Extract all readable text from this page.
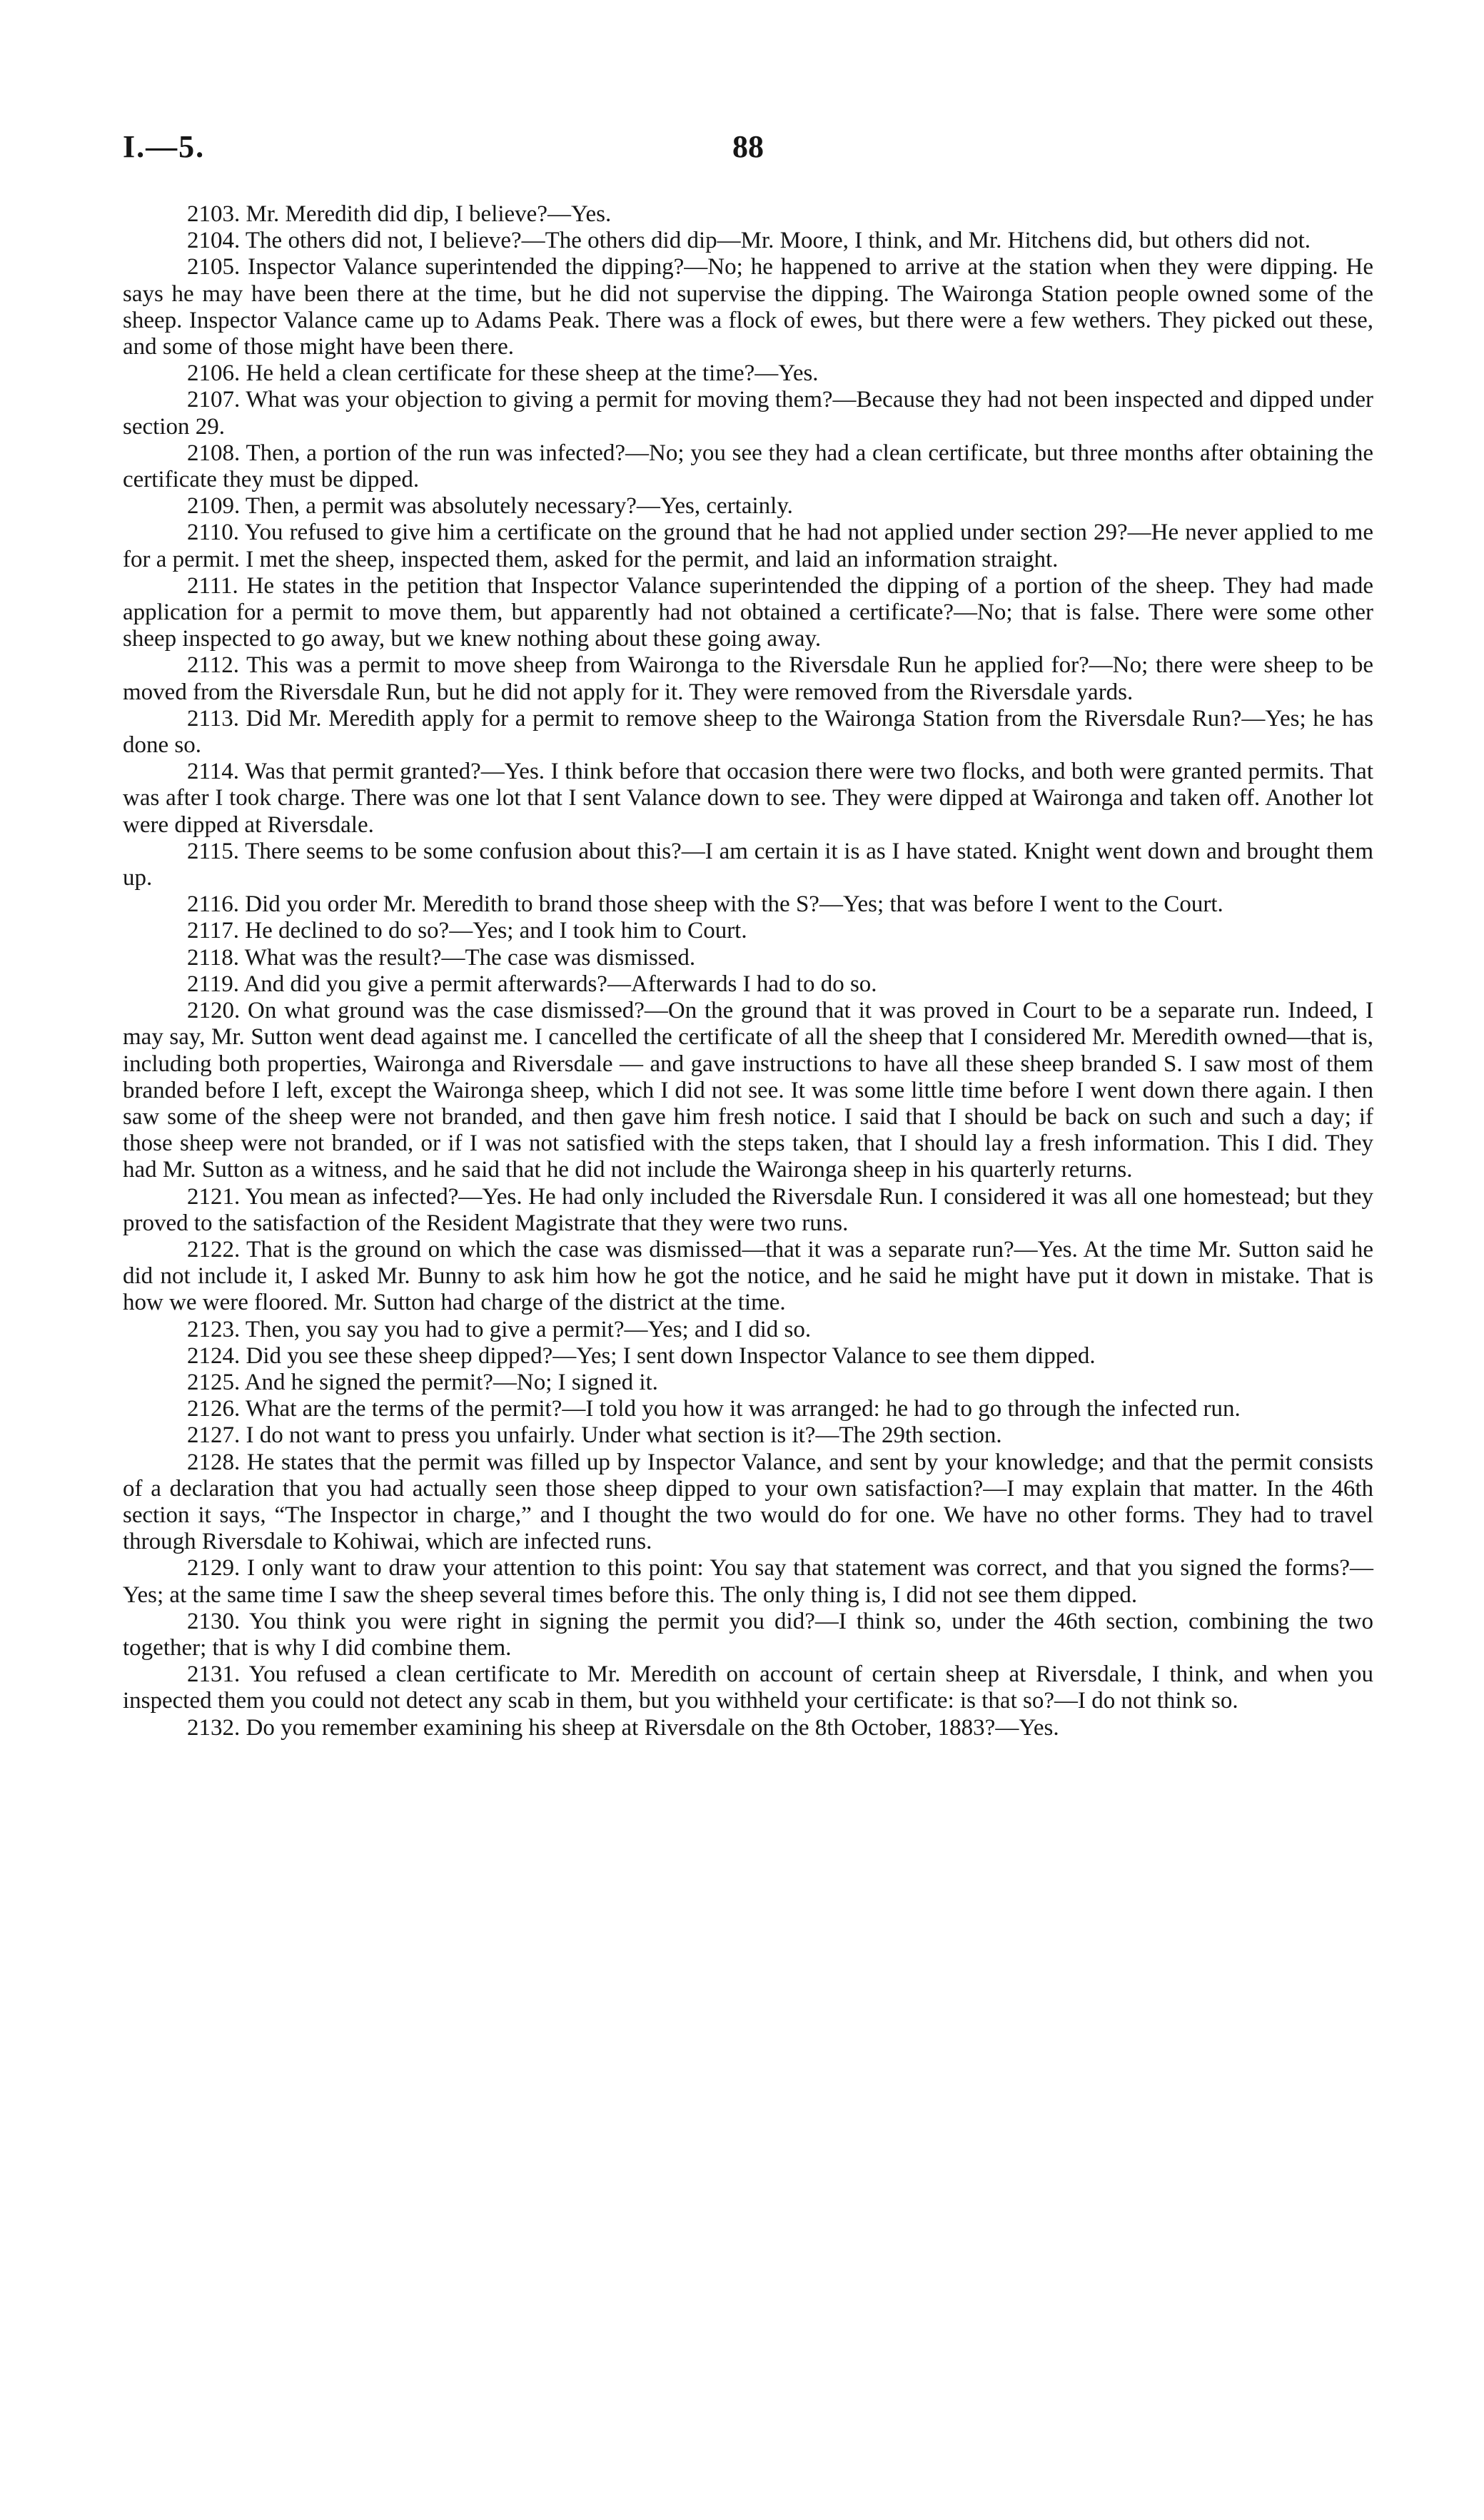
I.—5.	88

2103. Mr. Meredith did dip, I believe?—Yes.

2104. The others did not, I believe?—The others did dip—Mr. Moore, I think, and Mr. Hitchens did, but others did not.

2105. Inspector Valance superintended the dipping?—No; he happened to arrive at the station when they were dipping. He says he may have been there at the time, but he did not supervise the dipping. The Waironga Station people owned some of the sheep. Inspector Valance came up to Adams Peak. There was a flock of ewes, but there were a few wethers. They picked out these, and some of those might have been there.

2106. He held a clean certificate for these sheep at the time?—Yes.

2107. What was your objection to giving a permit for moving them?—Because they had not been inspected and dipped under section 29.

2108. Then, a portion of the run was infected?—No; you see they had a clean certificate, but three months after obtaining the certificate they must be dipped.

2109. Then, a permit was absolutely necessary?—Yes, certainly.

2110. You refused to give him a certificate on the ground that he had not applied under section 29?—He never applied to me for a permit. I met the sheep, inspected them, asked for the permit, and laid an information straight.

2111. He states in the petition that Inspector Valance superintended the dipping of a portion of the sheep. They had made application for a permit to move them, but apparently had not obtained a certificate?—No; that is false. There were some other sheep inspected to go away, but we knew nothing about these going away.

2112. This was a permit to move sheep from Waironga to the Riversdale Run he applied for?—No; there were sheep to be moved from the Riversdale Run, but he did not apply for it. They were removed from the Riversdale yards.

2113. Did Mr. Meredith apply for a permit to remove sheep to the Waironga Station from the Riversdale Run?—Yes; he has done so.

2114. Was that permit granted?—Yes. I think before that occasion there were two flocks, and both were granted permits. That was after I took charge. There was one lot that I sent Valance down to see. They were dipped at Waironga and taken off. Another lot were dipped at Riversdale.

2115. There seems to be some confusion about this?—I am certain it is as I have stated. Knight went down and brought them up.

2116. Did you order Mr. Meredith to brand those sheep with the S?—Yes; that was before I went to the Court.

2117. He declined to do so?—Yes; and I took him to Court.

2118. What was the result?—The case was dismissed.

2119. And did you give a permit afterwards?—Afterwards I had to do so.

2120. On what ground was the case dismissed?—On the ground that it was proved in Court to be a separate run. Indeed, I may say, Mr. Sutton went dead against me. I cancelled the certificate of all the sheep that I considered Mr. Meredith owned—that is, including both properties, Waironga and Riversdale — and gave instructions to have all these sheep branded S. I saw most of them branded before I left, except the Waironga sheep, which I did not see. It was some little time before I went down there again. I then saw some of the sheep were not branded, and then gave him fresh notice. I said that I should be back on such and such a day; if those sheep were not branded, or if I was not satisfied with the steps taken, that I should lay a fresh information. This I did. They had Mr. Sutton as a witness, and he said that he did not include the Waironga sheep in his quarterly returns.

2121. You mean as infected?—Yes. He had only included the Riversdale Run. I considered it was all one homestead; but they proved to the satisfaction of the Resident Magistrate that they were two runs.

2122. That is the ground on which the case was dismissed—that it was a separate run?—Yes. At the time Mr. Sutton said he did not include it, I asked Mr. Bunny to ask him how he got the notice, and he said he might have put it down in mistake. That is how we were floored. Mr. Sutton had charge of the district at the time.

2123. Then, you say you had to give a permit?—Yes; and I did so.

2124. Did you see these sheep dipped?—Yes; I sent down Inspector Valance to see them dipped.

2125. And he signed the permit?—No; I signed it.

2126. What are the terms of the permit?—I told you how it was arranged: he had to go through the infected run.

2127. I do not want to press you unfairly. Under what section is it?—The 29th section.

2128. He states that the permit was filled up by Inspector Valance, and sent by your knowledge; and that the permit consists of a declaration that you had actually seen those sheep dipped to your own satisfaction?—I may explain that matter. In the 46th section it says, “The Inspector in charge,” and I thought the two would do for one. We have no other forms. They had to travel through Riversdale to Kohiwai, which are infected runs.

2129. I only want to draw your attention to this point: You say that statement was correct, and that you signed the forms?—Yes; at the same time I saw the sheep several times before this. The only thing is, I did not see them dipped.

2130. You think you were right in signing the permit you did?—I think so, under the 46th section, combining the two together; that is why I did combine them.

2131. You refused a clean certificate to Mr. Meredith on account of certain sheep at Riversdale, I think, and when you inspected them you could not detect any scab in them, but you withheld your certificate: is that so?—I do not think so.

2132. Do you remember examining his sheep at Riversdale on the 8th October, 1883?—Yes.
